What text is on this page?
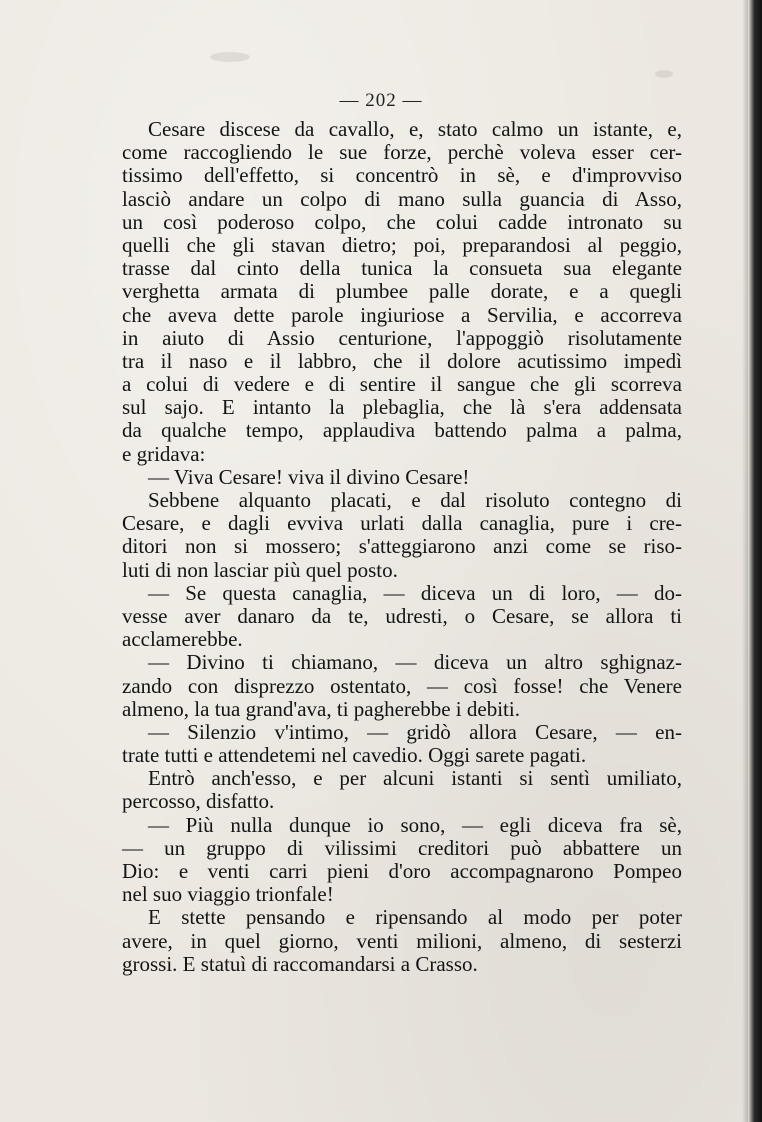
— 202 —
Cesare discese da cavallo, e, stato calmo un istante, e,
come raccogliendo le sue forze, perchè voleva esser cer-
tissimo dell'effetto, si concentrò in sè, e d'improvviso
lasciò andare un colpo di mano sulla guancia di Asso,
un così poderoso colpo, che colui cadde intronato su
quelli che gli stavan dietro; poi, preparandosi al peggio,
trasse dal cinto della tunica la consueta sua elegante
verghetta armata di plumbee palle dorate, e a quegli
che aveva dette parole ingiuriose a Servilia, e accorreva
in aiuto di Assio centurione, l'appoggiò risolutamente
tra il naso e il labbro, che il dolore acutissimo impedì
a colui di vedere e di sentire il sangue che gli scorreva
sul sajo. E intanto la plebaglia, che là s'era addensata
da qualche tempo, applaudiva battendo palma a palma,
e gridava:
— Viva Cesare! viva il divino Cesare!
Sebbene alquanto placati, e dal risoluto contegno di
Cesare, e dagli evviva urlati dalla canaglia, pure i cre-
ditori non si mossero; s'atteggiarono anzi come se riso-
luti di non lasciar più quel posto.
— Se questa canaglia, — diceva un di loro, — do-
vesse aver danaro da te, udresti, o Cesare, se allora ti
acclamerebbe.
— Divino ti chiamano, — diceva un altro sghignaz-
zando con disprezzo ostentato, — così fosse! che Venere
almeno, la tua grand'ava, ti pagherebbe i debiti.
— Silenzio v'intimo, — gridò allora Cesare, — en-
trate tutti e attendetemi nel cavedio. Oggi sarete pagati.
Entrò anch'esso, e per alcuni istanti si sentì umiliato,
percosso, disfatto.
— Più nulla dunque io sono, — egli diceva fra sè,
— un gruppo di vilissimi creditori può abbattere un
Dio: e venti carri pieni d'oro accompagnarono Pompeo
nel suo viaggio trionfale!
E stette pensando e ripensando al modo per poter
avere, in quel giorno, venti milioni, almeno, di sesterzi
grossi. E statuì di raccomandarsi a Crasso.
